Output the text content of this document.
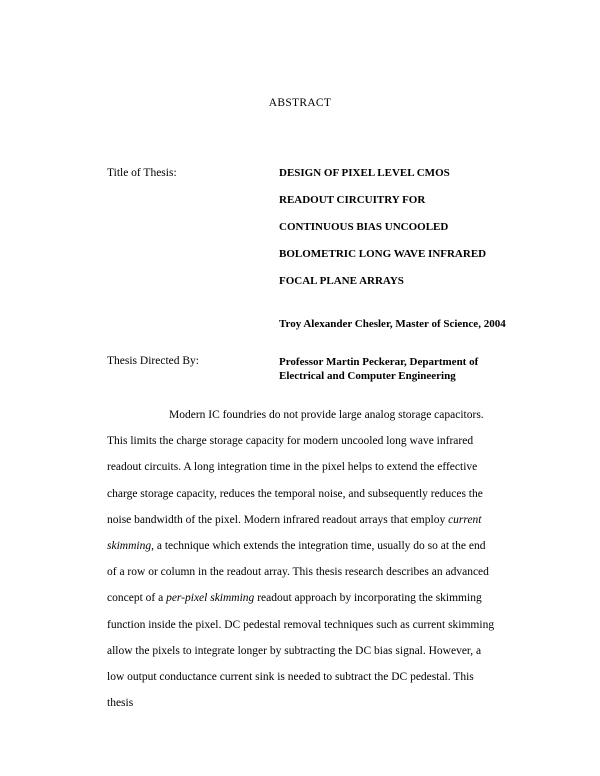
ABSTRACT
Title of Thesis:	DESIGN OF PIXEL LEVEL CMOS
READOUT CIRCUITRY FOR
CONTINUOUS BIAS UNCOOLED
BOLOMETRIC LONG WAVE INFRARED
FOCAL PLANE ARRAYS
Troy Alexander Chesler, Master of Science, 2004
Thesis Directed By:	Professor Martin Peckerar, Department of Electrical and Computer Engineering

Modern IC foundries do not provide large analog storage capacitors. This limits the charge storage capacity for modern uncooled long wave infrared readout circuits. A long integration time in the pixel helps to extend the effective charge storage capacity, reduces the temporal noise, and subsequently reduces the noise bandwidth of the pixel. Modern infrared readout arrays that employ current skimming, a technique which extends the integration time, usually do so at the end of a row or column in the readout array. This thesis research describes an advanced concept of a per-pixel skimming readout approach by incorporating the skimming function inside the pixel. DC pedestal removal techniques such as current skimming allow the pixels to integrate longer by subtracting the DC bias signal. However, a low output conductance current sink is needed to subtract the DC pedestal. This thesis
